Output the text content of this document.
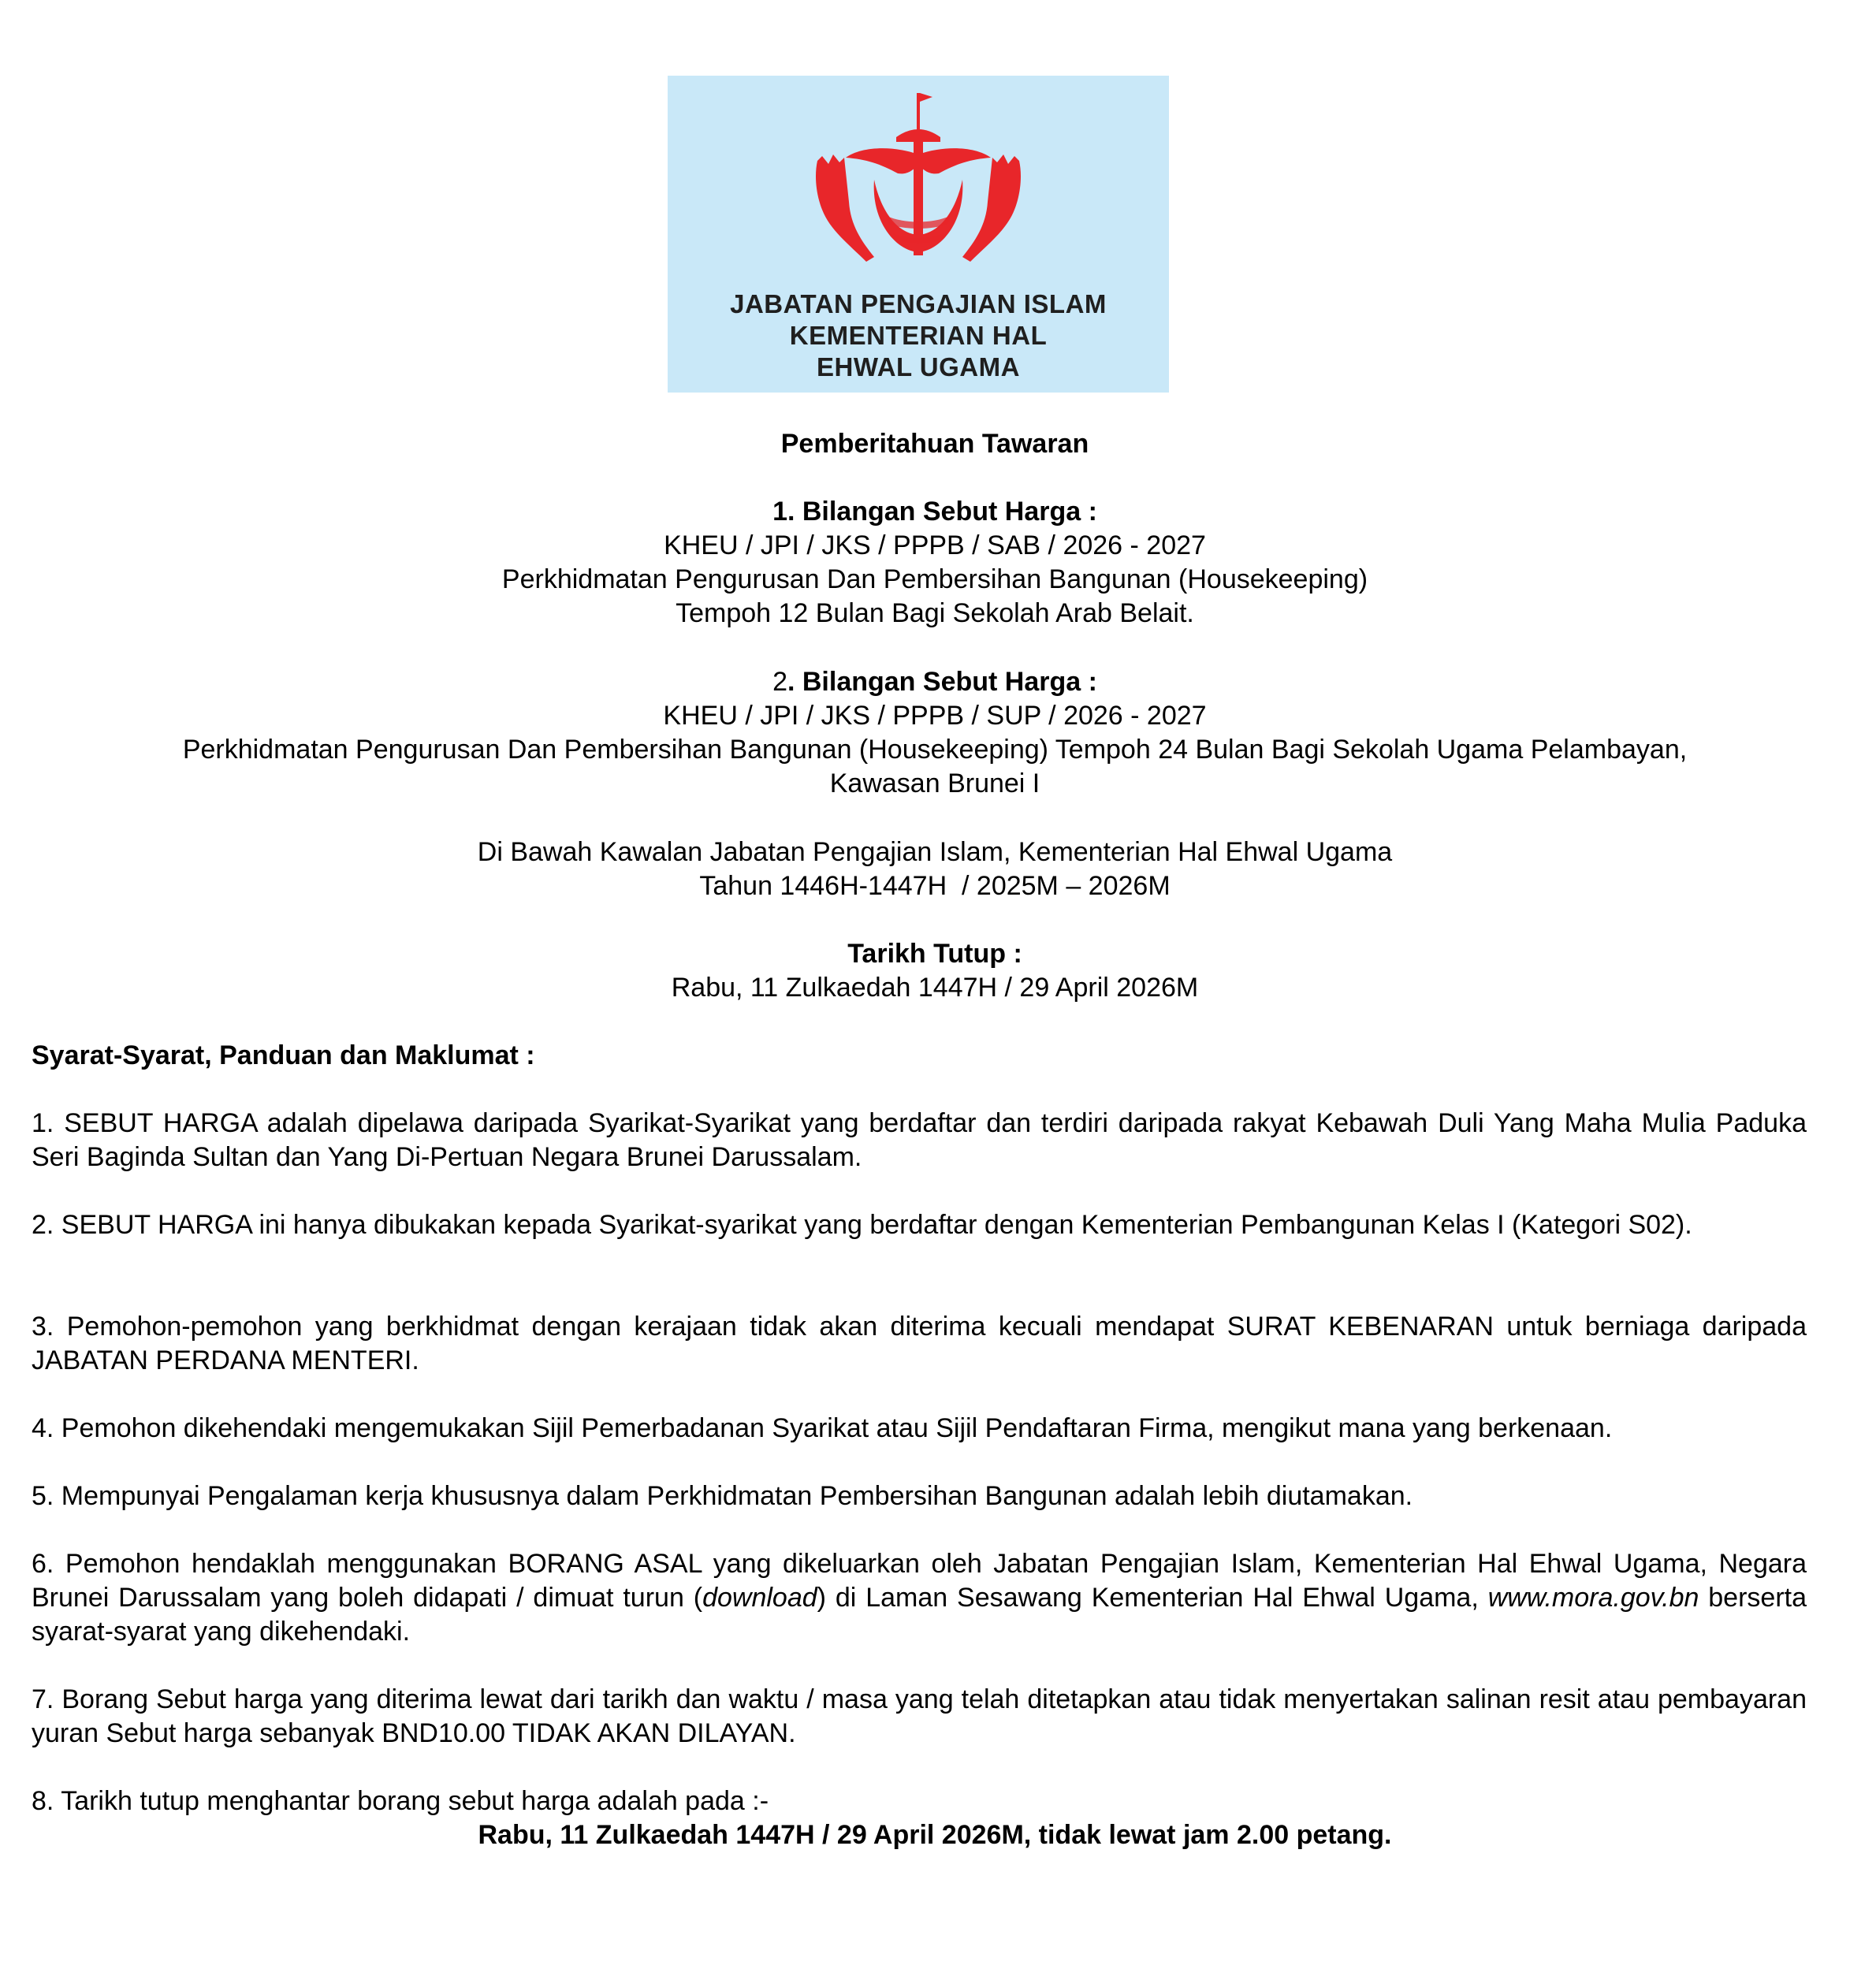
JABATAN PENGAJIAN ISLAM
KEMENTERIAN HAL
EHWAL UGAMA
Pemberitahuan Tawaran
1. Bilangan Sebut Harga :
KHEU / JPI / JKS / PPPB / SAB / 2026 - 2027
Perkhidmatan Pengurusan Dan Pembersihan Bangunan (Housekeeping)
Tempoh 12 Bulan Bagi Sekolah Arab Belait.
2. Bilangan Sebut Harga :
KHEU / JPI / JKS / PPPB / SUP / 2026 - 2027
Perkhidmatan Pengurusan Dan Pembersihan Bangunan (Housekeeping) Tempoh 24 Bulan Bagi Sekolah Ugama Pelambayan,
Kawasan Brunei I
Di Bawah Kawalan Jabatan Pengajian Islam, Kementerian Hal Ehwal Ugama
Tahun 1446H-1447H  / 2025M – 2026M
Tarikh Tutup :
Rabu, 11 Zulkaedah 1447H / 29 April 2026M
Syarat-Syarat, Panduan dan Maklumat :
1. SEBUT HARGA adalah dipelawa daripada Syarikat-Syarikat yang berdaftar dan terdiri daripada rakyat Kebawah Duli Yang Maha Mulia Paduka Seri Baginda Sultan dan Yang Di-Pertuan Negara Brunei Darussalam.
2. SEBUT HARGA ini hanya dibukakan kepada Syarikat-syarikat yang berdaftar dengan Kementerian Pembangunan Kelas I (Kategori S02).
3. Pemohon-pemohon yang berkhidmat dengan kerajaan tidak akan diterima kecuali mendapat SURAT KEBENARAN untuk berniaga daripada JABATAN PERDANA MENTERI.
4. Pemohon dikehendaki mengemukakan Sijil Pemerbadanan Syarikat atau Sijil Pendaftaran Firma, mengikut mana yang berkenaan.
5. Mempunyai Pengalaman kerja khususnya dalam Perkhidmatan Pembersihan Bangunan adalah lebih diutamakan.
6. Pemohon hendaklah menggunakan BORANG ASAL yang dikeluarkan oleh Jabatan Pengajian Islam, Kementerian Hal Ehwal Ugama, Negara Brunei Darussalam yang boleh didapati / dimuat turun (download) di Laman Sesawang Kementerian Hal Ehwal Ugama, www.mora.gov.bn berserta syarat-syarat yang dikehendaki.
7. Borang Sebut harga yang diterima lewat dari tarikh dan waktu / masa yang telah ditetapkan atau tidak menyertakan salinan resit atau pembayaran yuran Sebut harga sebanyak BND10.00 TIDAK AKAN DILAYAN.
8. Tarikh tutup menghantar borang sebut harga adalah pada :-
Rabu, 11 Zulkaedah 1447H / 29 April 2026M, tidak lewat jam 2.00 petang.
